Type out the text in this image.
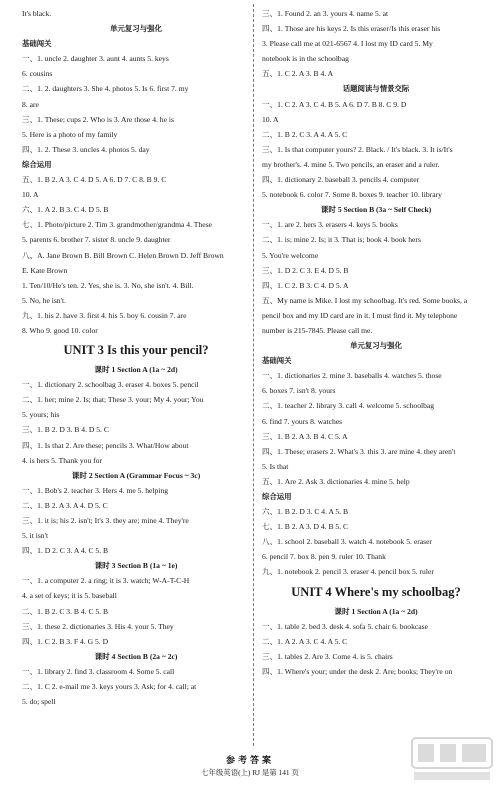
It's black.
单元复习与强化
基础闯关
一、1. uncle 2. daughter 3. aunt 4. aunts 5. keys
6. cousins
二、1. 2. daughters 3. She 4. photos 5. Is 6. first 7. my
8. are
三、1. These; cups 2. Who is 3. Are those 4. he is
5. Here is a photo of my family
四、1. 2. These 3. uncles 4. photos 5. day
综合运用
五、1. B 2. A 3. C 4. D 5. A 6. D 7. C 8. B 9. C
10. A
六、1. A 2. B 3. C 4. D 5. B
七、1. Photo/picture 2. Tim 3. grandmother/grandma 4. These
5. parents 6. brother 7. sister 8. uncle 9. daughter
八、A. Jane Brown B. Bill Brown C. Helen Brown D. Jeff Brown
E. Kate Brown
1. Ten/10/He's ten. 2. Yes, she is. 3. No, she isn't. 4. Bill.
5. No, he isn't.
九、1. his 2. have 3. first 4. his 5. boy 6. cousin 7. are
8. Who 9. good 10. color
UNIT 3 Is this your pencil?
课时 1 Section A (1a ~ 2d)
一、1. dictionary 2. schoolbag 3. eraser 4. boxes 5. pencil
二、1. her; mine 2. Is; that; These 3. your; My 4. your; You
5. yours; his
三、1. B 2. D 3. B 4. D 5. C
四、1. Is that 2. Are these; pencils 3. What/How about
4. is hers 5. Thank you for
课时 2 Section A (Grammar Focus ~ 3c)
一、1. Bob's 2. teacher 3. Hers 4. me 5. helping
二、1. B 2. A 3. A 4. D 5. C
三、1. it is; his 2. isn't; It's 3. they are; mine 4. They're
5. it isn't
四、1. D 2. C 3. A 4. C 5. B
课时 3 Section B (1a ~ 1e)
一、1. a computer 2. a ring; it is 3. watch; W-A-T-C-H
4. a set of keys; it is 5. baseball
二、1. B 2. C 3. B 4. C 5. B
三、1. these 2. dictionaries 3. His 4. your 5. They
四、1. C 2. B 3. F 4. G 5. D
课时 4 Section B (2a ~ 2c)
一、1. library 2. find 3. classroom 4. Some 5. call
二、1. C 2. e-mail me 3. keys yours 3. Ask; for 4. call; at
5. do; spell
三、1. Found 2. an 3. yours 4. name 5. at
四、1. Those are his keys 2. Is this eraser/Is this eraser his
3. Please call me at 021-6567 4. I lost my ID card 5. My
notebook is in the schoolbag
五、1. C 2. A 3. B 4. A
话题阅读与情景交际
一、1. C 2. A 3. C 4. B 5. A 6. D 7. B 8. C 9. D
10. A
二、1. B 2. C 3. A 4. A 5. C
三、1. Is that computer yours? 2. Black. / It's black. 3. It is/It's
my brother's. 4. mine 5. Two pencils, an eraser and a ruler.
四、1. dictionary 2. baseball 3. pencils 4. computer
5. notebook 6. color 7. Some 8. boxes 9. teacher 10. library
课时 5 Section B (3a ~ Self Check)
一、1. are 2. hers 3. erasers 4. keys 5. books
二、1. is; mine 2. Is; it 3. That is; book 4. book hers
5. You're welcome
三、1. D 2. C 3. E 4. D 5. B
四、1. C 2. B 3. C 4. D 5. A
五、My name is Mike. I lost my schoolbag. It's red. Some books, a
pencil box and my ID card are in it. I must find it. My telephone
number is 215-7845. Please call me.
单元复习与强化
基础闯关
一、1. dictionaries 2. mine 3. baseballs 4. watches 5. those
6. boxes 7. isn't 8. yours
二、1. teacher 2. library 3. call 4. welcome 5. schoolbag
6. find 7. yours 8. watches
三、1. B 2. A 3. B 4. C 5. A
四、1. These; erasers 2. What's 3. this 3. are mine 4. they aren't
5. Is that
五、1. Are 2. Ask 3. dictionaries 4. mine 5. help
综合运用
六、1. B 2. D 3. C 4. A 5. B
七、1. B 2. A 3. D 4. B 5. C
八、1. school 2. baseball 3. watch 4. notebook 5. eraser
6. pencil 7. box 8. pen 9. ruler 10. Thank
九、1. notebook 2. pencil 3. eraser 4. pencil box 5. ruler
UNIT 4 Where's my schoolbag?
课时 1 Section A (1a ~ 2d)
一、1. table 2. bed 3. desk 4. sofa 5. chair 6. bookcase
二、1. A 2. A 3. C 4. A 5. C
三、1. tables 2. Are 3. Come 4. is 5. chairs
四、1. Where's your; under the desk 2. Are; books; They're on
参考答案
七年级英语(上) RJ 是第 141 页
